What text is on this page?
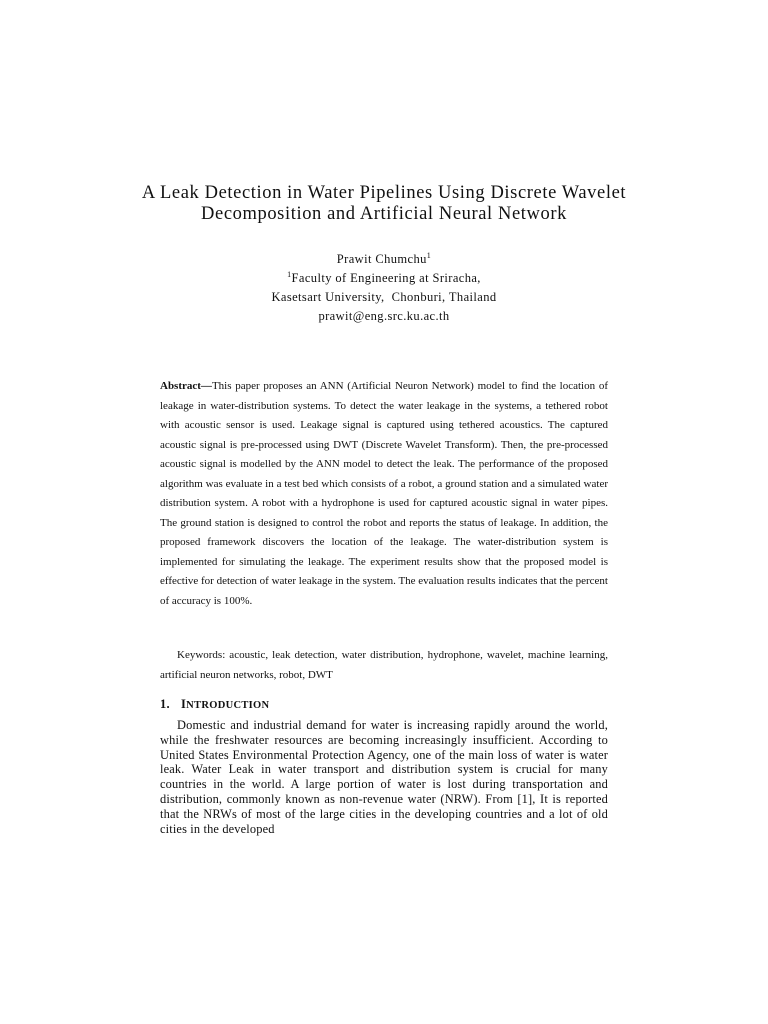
A Leak Detection in Water Pipelines Using Discrete Wavelet Decomposition and Artificial Neural Network
Prawit Chumchu$^1$
$^1$Faculty of Engineering at Sriracha,
Kasetsart University,  Chonburi, Thailand
prawit@eng.src.ku.ac.th

Abstract—This paper proposes an ANN (Artificial Neuron Network) model to find the location of leakage in water-distribution systems. To detect the water leakage in the systems, a tethered robot with acoustic sensor is used. Leakage signal is captured using tethered acoustics. The captured acoustic signal is pre-processed using DWT (Discrete Wavelet Transform). Then, the pre-processed acoustic signal is modelled by the ANN model to detect the leak. The performance of the proposed algorithm was evaluate in a test bed which consists of a robot, a ground station and a simulated water distribution system. A robot with a hydrophone is used for captured acoustic signal in water pipes. The ground station is designed to control the robot and reports the status of leakage. In addition, the proposed framework discovers the location of the leakage. The water-distribution system is implemented for simulating the leakage. The experiment results show that the proposed model is effective for detection of water leakage in the system. The evaluation results indicates that the percent of accuracy is 100%.

Keywords: acoustic, leak detection, water distribution, hydrophone, wavelet, machine learning, artificial neuron networks, robot, DWT

1. INTRODUCTION

Domestic and industrial demand for water is increasing rapidly around the world, while the freshwater resources are becoming increasingly insufficient. According to United States Environmental Protection Agency, one of the main loss of water is water leak. Water Leak in water transport and distribution system is crucial for many countries in the world. A large portion of water is lost during transportation and distribution, commonly known as non-revenue water (NRW). From [1], It is reported that the NRWs of most of the large cities in the developing countries and a lot of old cities in the developed
